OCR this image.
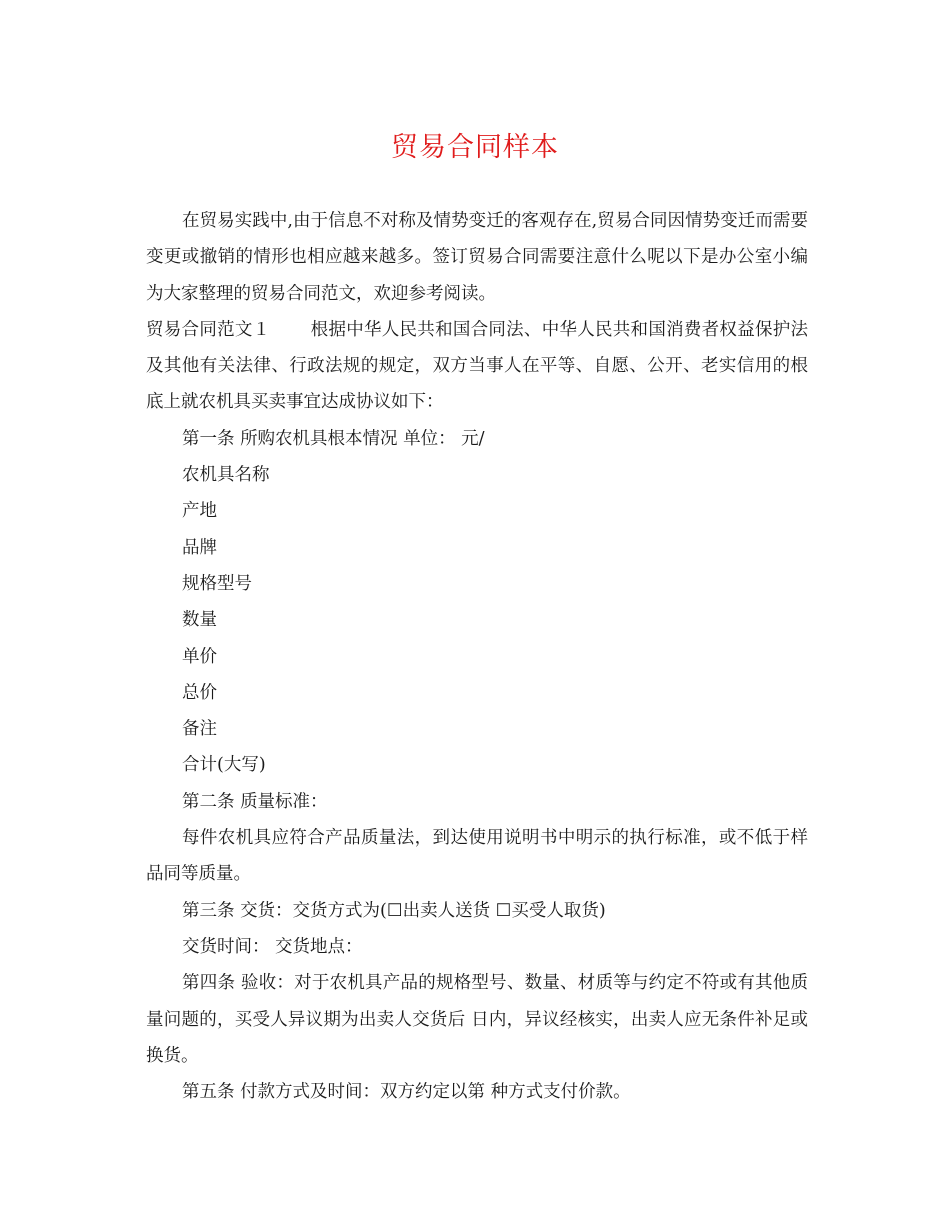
贸易合同样本

在贸易实践中,由于信息不对称及情势变迁的客观存在,贸易合同因情势变迁而需要变更或撤销的情形也相应越来越多。签订贸易合同需要注意什么呢以下是办公室小编为大家整理的贸易合同范文，欢迎参考阅读。

贸易合同范文１ 根据中华人民共和国合同法、中华人民共和国消费者权益保护法及其他有关法律、行政法规的规定，双方当事人在平等、自愿、公开、老实信用的根底上就农机具买卖事宜达成协议如下：

第一条 所购农机具根本情况 单位： 元/

农机具名称

产地

品牌

规格型号

数量

单价

总价

备注

合计(大写)

第二条 质量标准：

每件农机具应符合产品质量法，到达使用说明书中明示的执行标准，或不低于样品同等质量。

第三条 交货：交货方式为(☐出卖人送货 ☐买受人取货)

交货时间： 交货地点：

第四条 验收：对于农机具产品的规格型号、数量、材质等与约定不符或有其他质量问题的，买受人异议期为出卖人交货后 日内，异议经核实，出卖人应无条件补足或换货。

第五条 付款方式及时间：双方约定以第 种方式支付价款。
